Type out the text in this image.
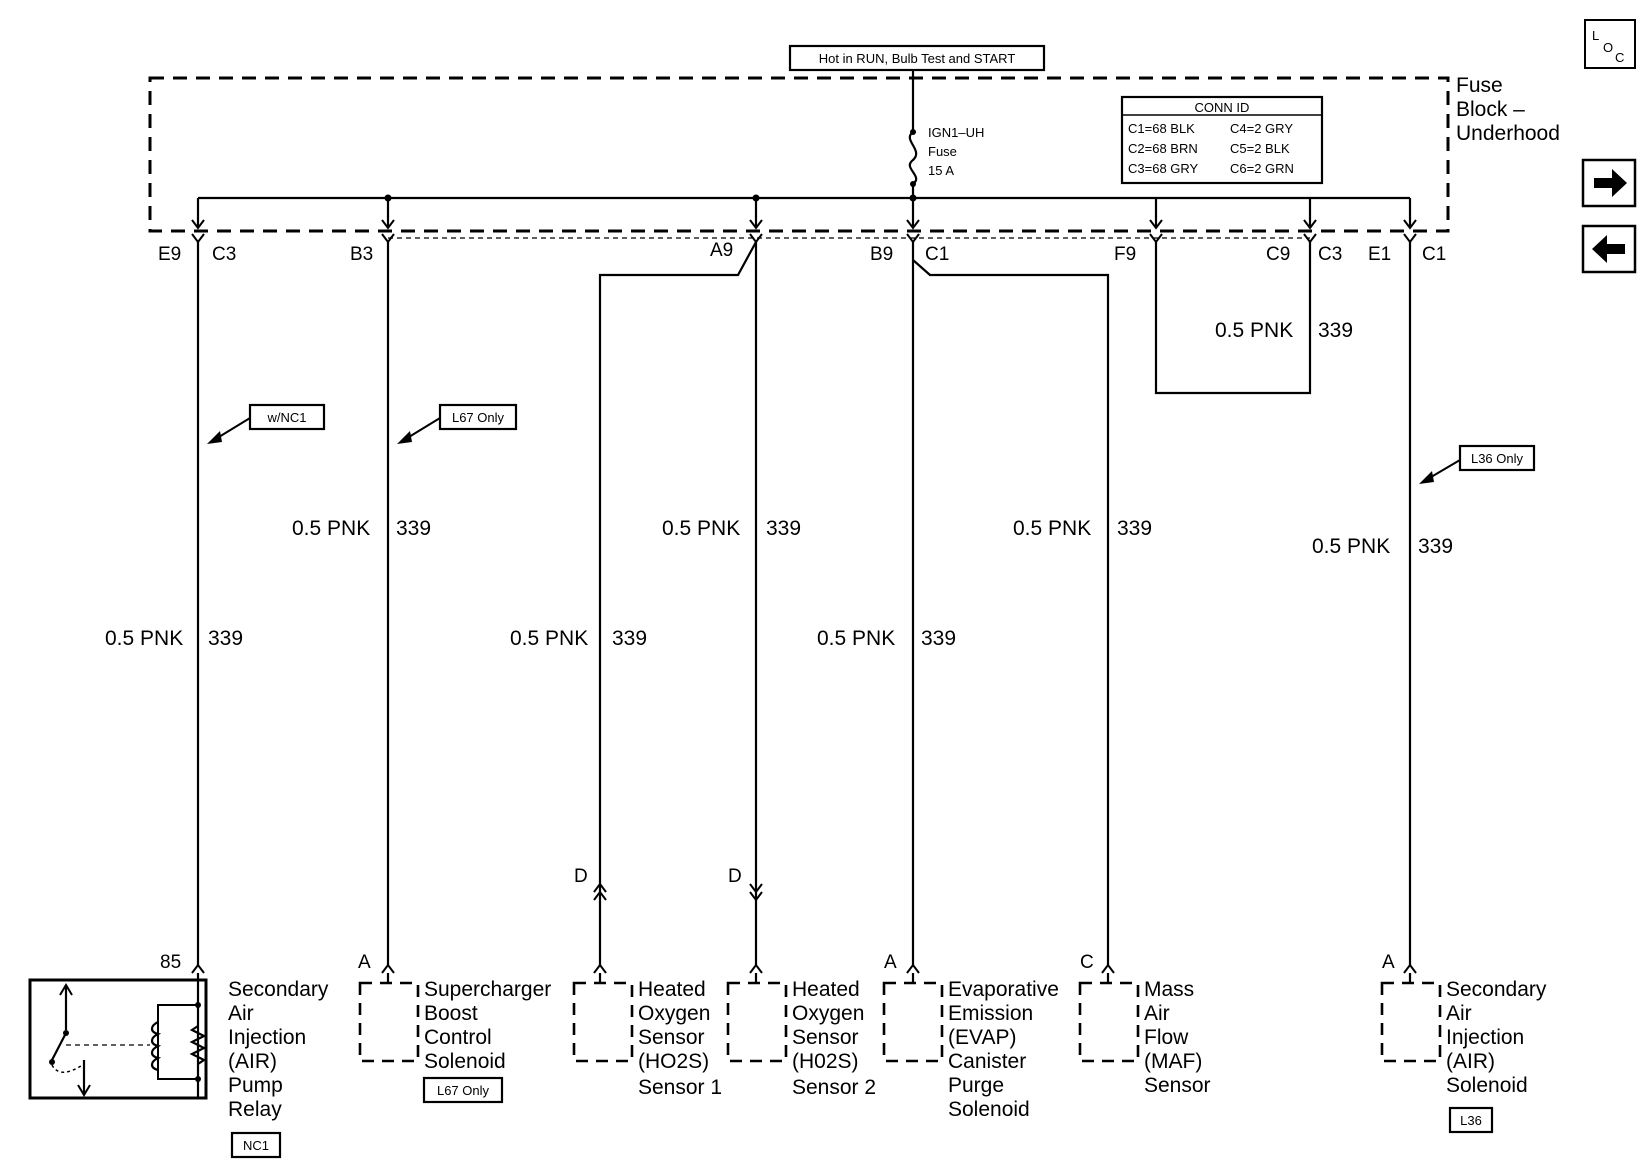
Hot in RUN, Bulb Test and START
Fuse
Block –
Underhood
IGN1–UH
Fuse
15 A
CONN ID
C1=68 BLK
C2=68 BRN
C3=68 GRY
C4=2 GRY
C5=2 BLK
C6=2 GRN
L
O
C
E9 C3	B3	A9	B9 C1	F9	C9 C3 E1 C1
0.5 PNK 339
0.5 PNK 339
0.5 PNK 339
0.5 PNK 339
0.5 PNK 339
0.5 PNK 339
0.5 PNK 339
0.5 PNK 339
w/NC1	L67 Only
L36 Only
D	D
85	A	A	C	A
Secondary
Air
Injection
(AIR)
Pump
Relay
NC1
Supercharger
Boost
Control
Solenoid
L67 Only
Heated
Oxygen
Sensor
(HO2S)
Sensor 1
Heated
Oxygen
Sensor
(H02S)
Sensor 2
Evaporative
Emission
(EVAP)
Canister
Purge
Solenoid
Mass
Air
Flow
(MAF)
Sensor
Secondary
Air
Injection
(AIR)
Solenoid
L36
